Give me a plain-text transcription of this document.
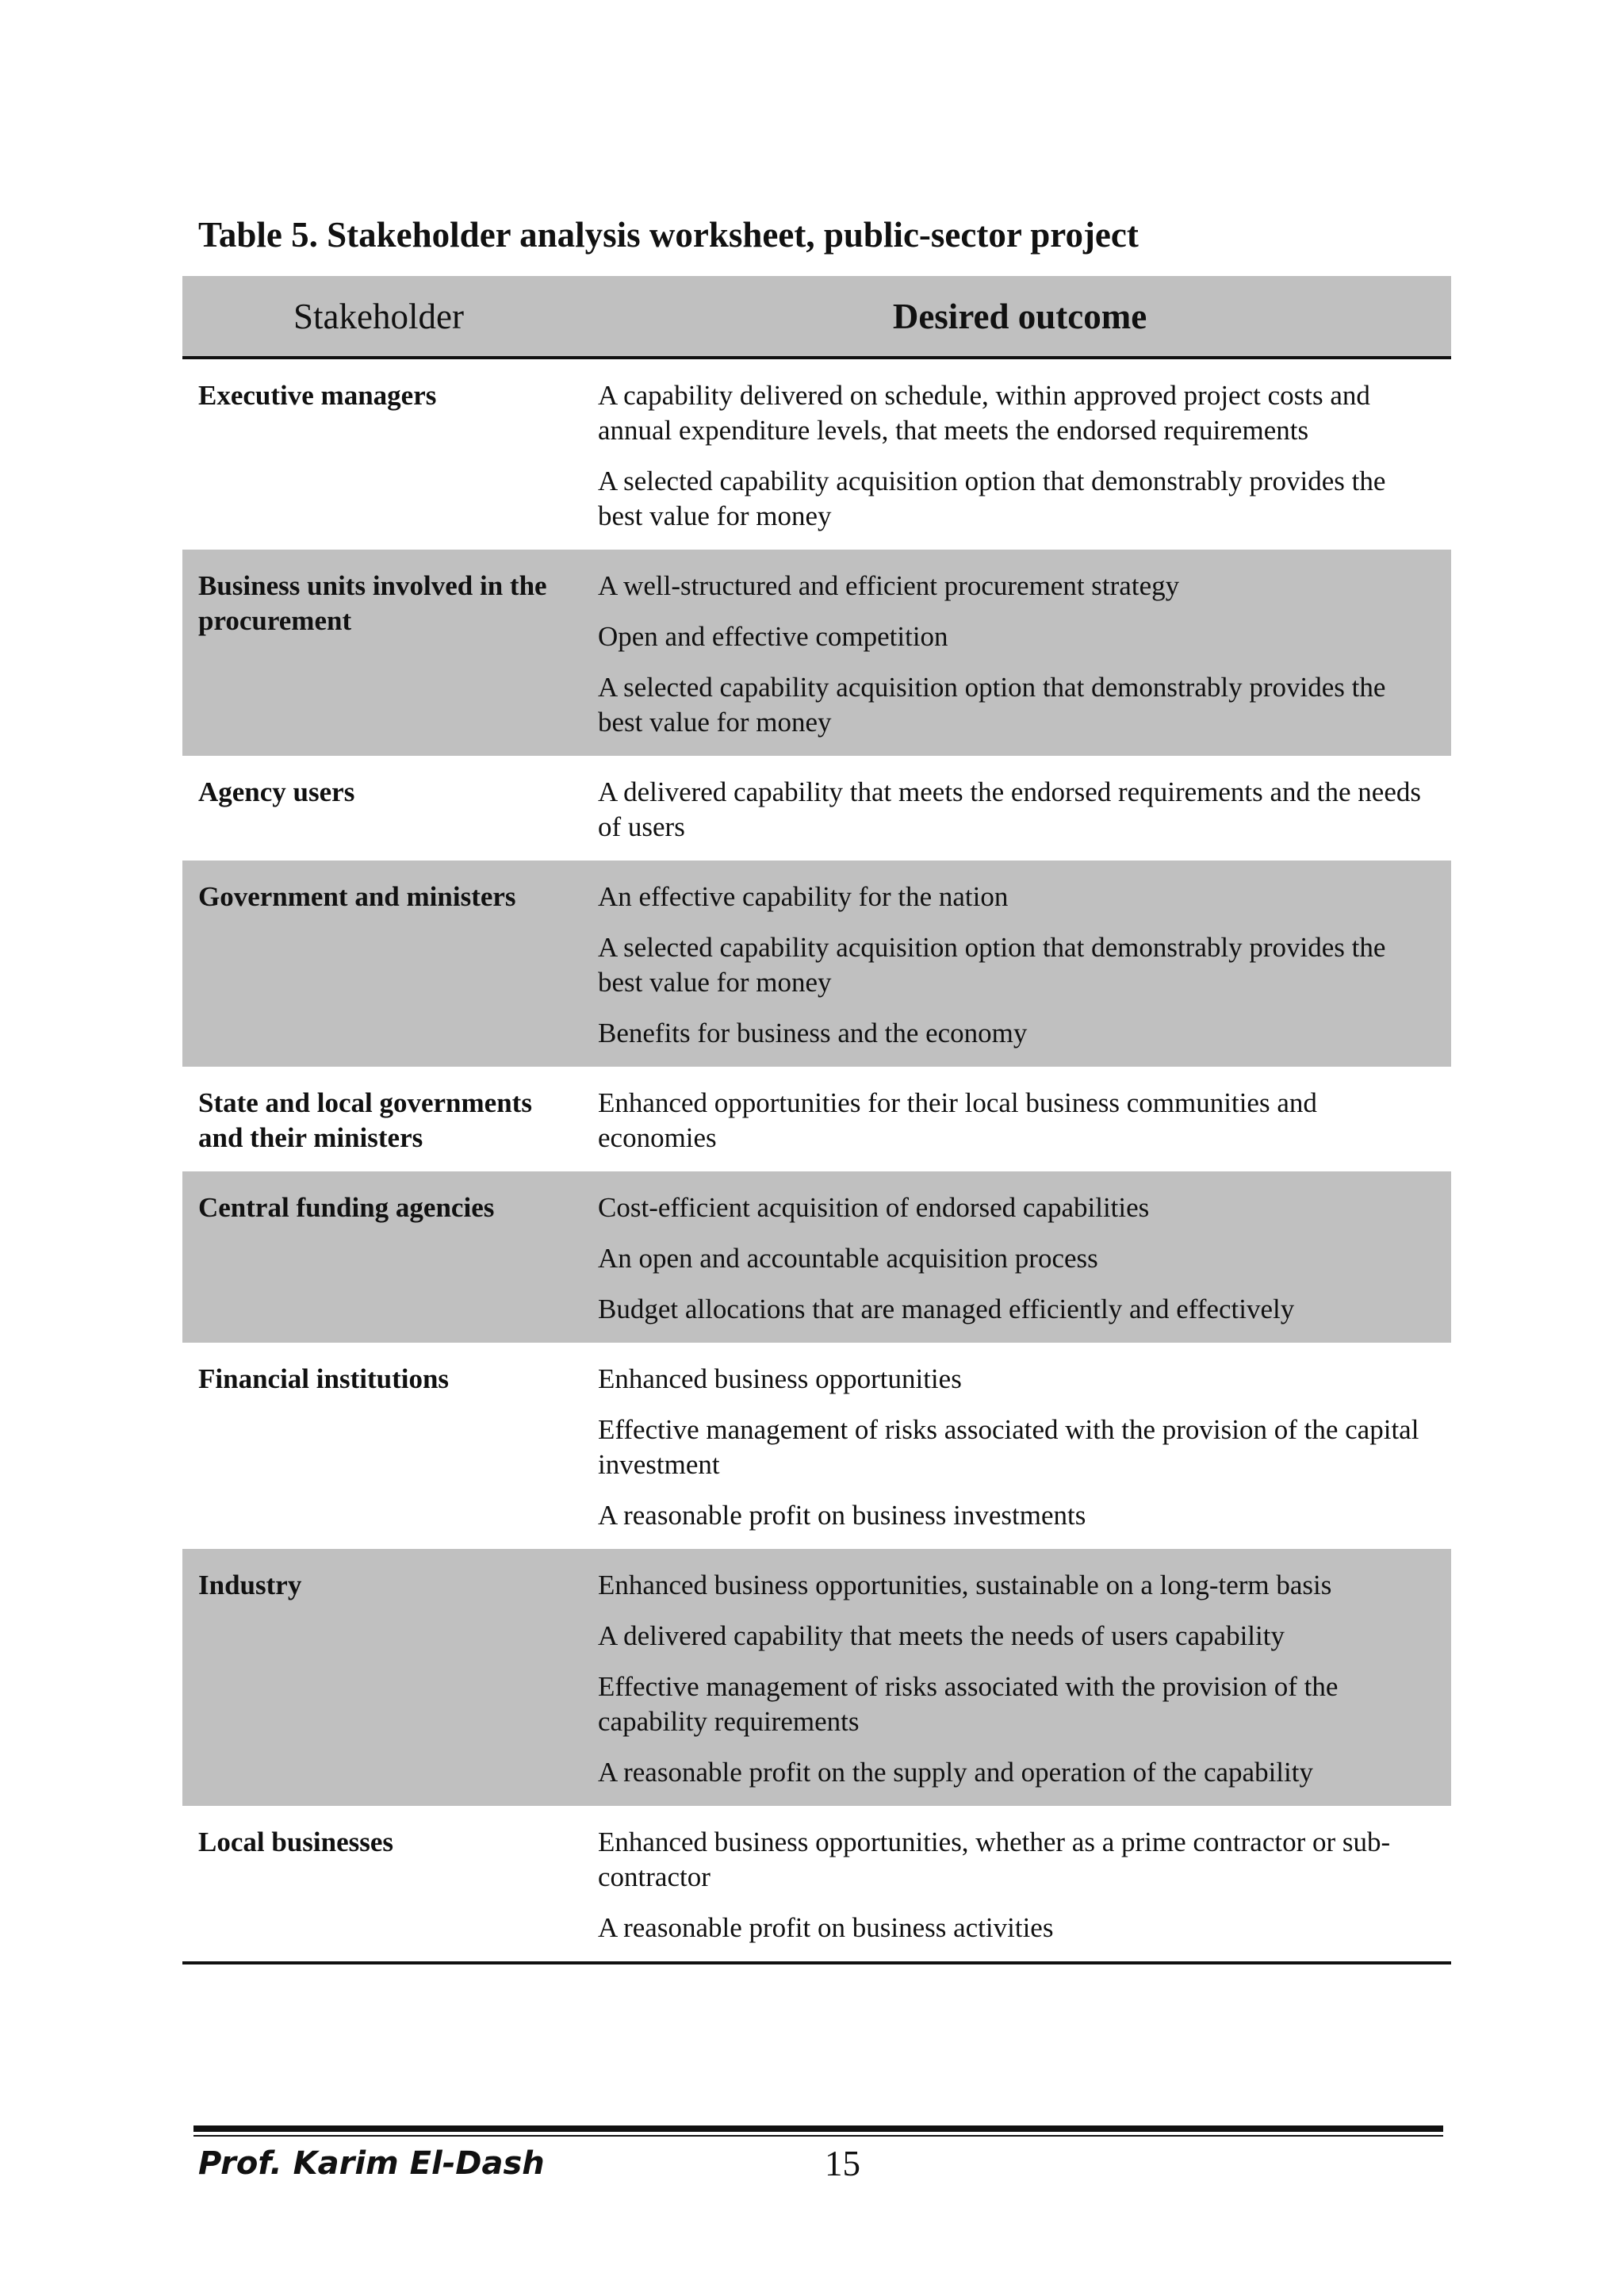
Table 5. Stakeholder analysis worksheet, public-sector project
Stakeholder	Desired outcome
Executive managers	A capability delivered on schedule, within approved project costs and annual expenditure levels, that meets the endorsed requirements

A selected capability acquisition option that demonstrably provides the best value for money

Business units involved in the procurement	A well-structured and efficient procurement strategy

Open and effective competition

A selected capability acquisition option that demonstrably provides the best value for money

Agency users	A delivered capability that meets the endorsed requirements and the needs of users

Government and ministers	An effective capability for the nation

A selected capability acquisition option that demonstrably provides the best value for money

Benefits for business and the economy

State and local governments and their ministers	Enhanced opportunities for their local business communities and economies

Central funding agencies	Cost-efficient acquisition of endorsed capabilities

An open and accountable acquisition process

Budget allocations that are managed efficiently and effectively

Financial institutions	Enhanced business opportunities

Effective management of risks associated with the provision of the capital investment

A reasonable profit on business investments

Industry	Enhanced business opportunities, sustainable on a long-term basis

A delivered capability that meets the needs of users capability

Effective management of risks associated with the provision of the capability requirements

A reasonable profit on the supply and operation of the capability

Local businesses	Enhanced business opportunities, whether as a prime contractor or sub-contractor

A reasonable profit on business activities

Prof. Karim El-Dash	15
